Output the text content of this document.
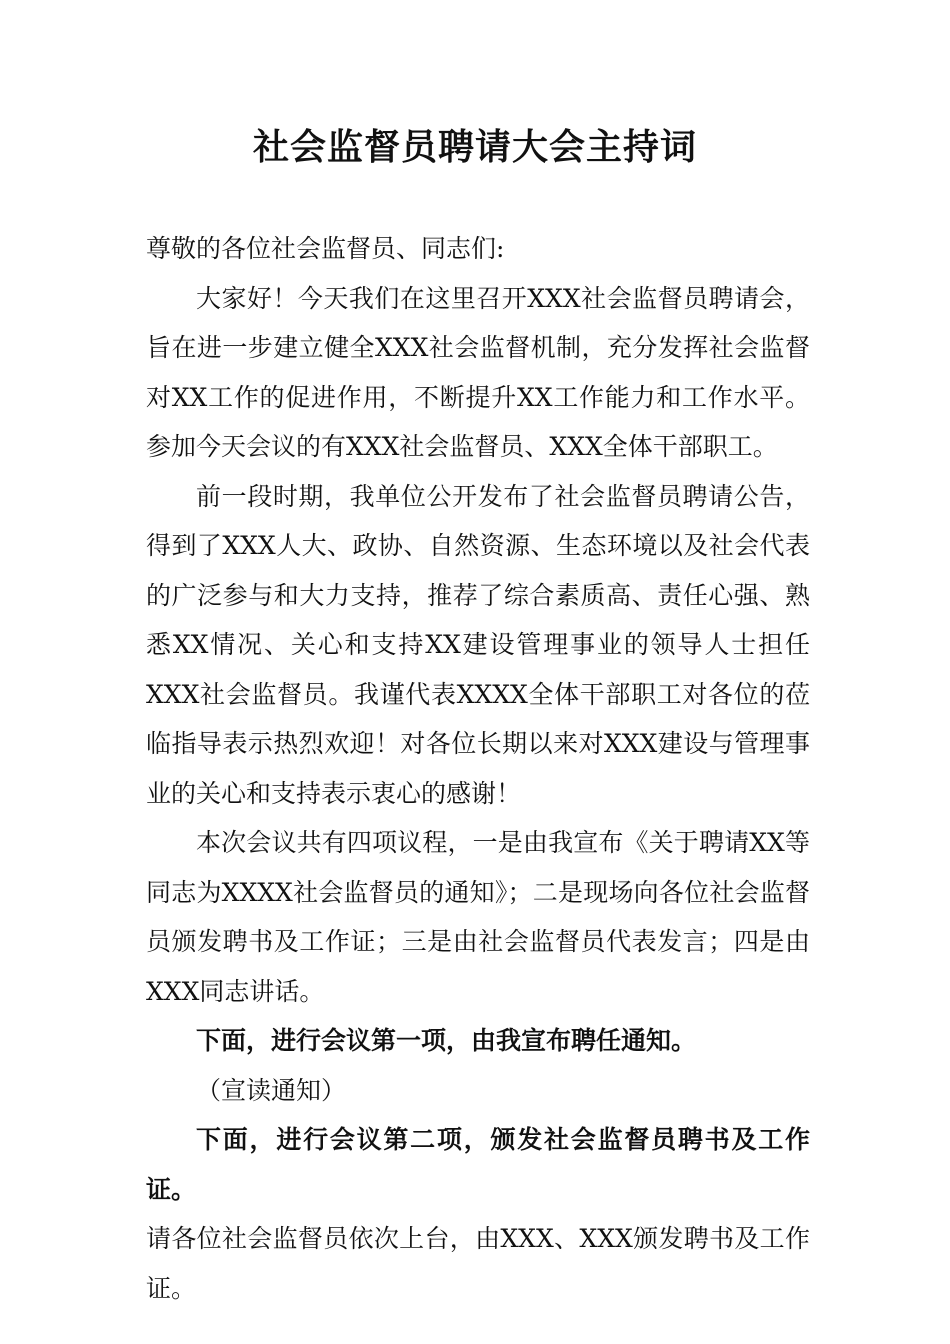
社会监督员聘请大会主持词

尊敬的各位社会监督员、同志们:

大家好！今天我们在这里召开XXX社会监督员聘请会，旨在进一步建立健全XXX社会监督机制，充分发挥社会监督对XX工作的促进作用，不断提升XX工作能力和工作水平。参加今天会议的有XXX社会监督员、XXX全体干部职工。

前一段时期，我单位公开发布了社会监督员聘请公告，得到了XXX人大、政协、自然资源、生态环境以及社会代表的广泛参与和大力支持，推荐了综合素质高、责任心强、熟悉XX情况、关心和支持XX建设管理事业的领导人士担任XXX社会监督员。我谨代表XXXX全体干部职工对各位的莅临指导表示热烈欢迎！对各位长期以来对XXX建设与管理事业的关心和支持表示衷心的感谢！

本次会议共有四项议程，一是由我宣布《关于聘请XX等同志为XXXX社会监督员的通知》；二是现场向各位社会监督员颁发聘书及工作证；三是由社会监督员代表发言；四是由XXX同志讲话。

下面，进行会议第一项，由我宣布聘任通知。

（宣读通知）

下面，进行会议第二项，颁发社会监督员聘书及工作证。

请各位社会监督员依次上台，由XXX、XXX颁发聘书及工作证。
